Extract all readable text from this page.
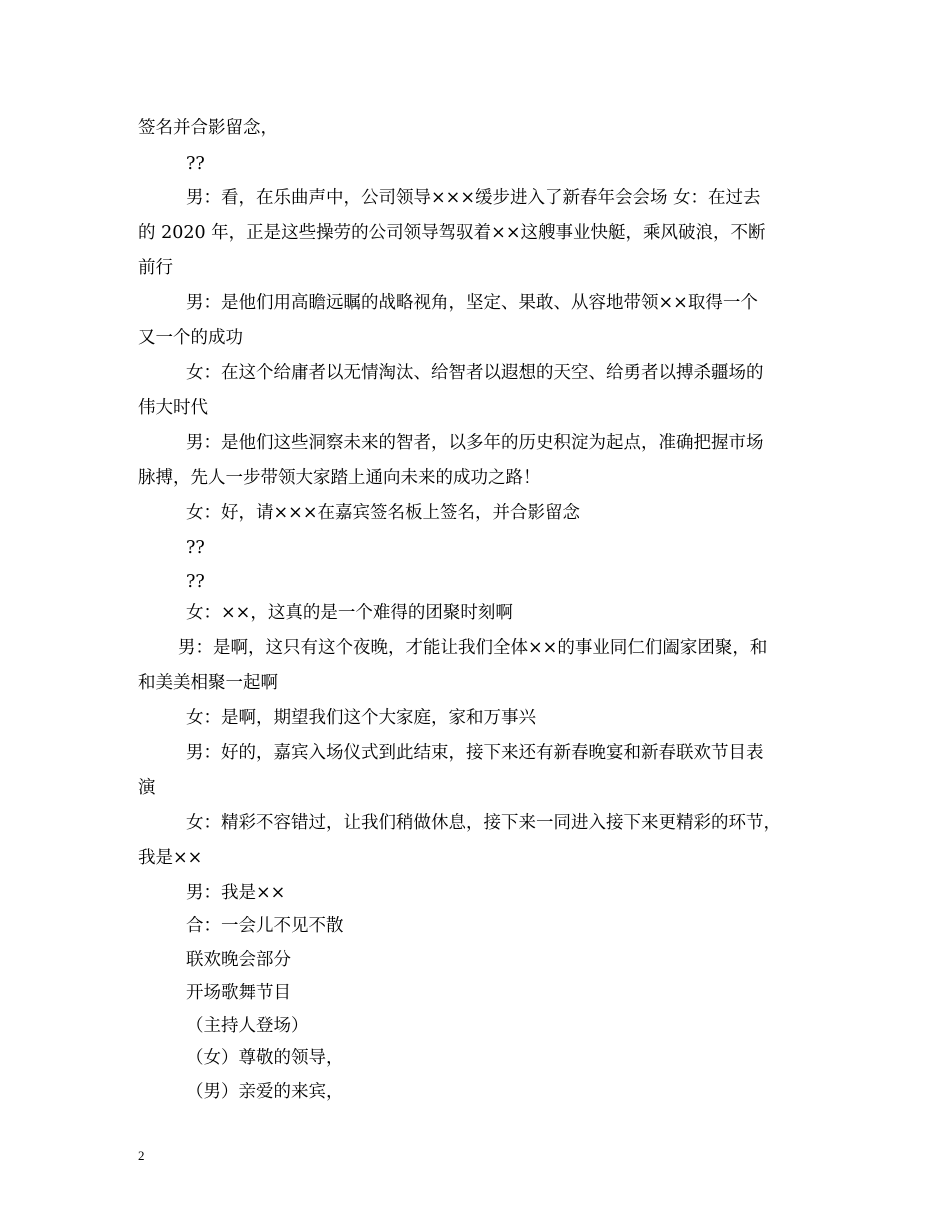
签名并合影留念，
??
男：看，在乐曲声中，公司领导×××缓步进入了新春年会会场 女：在过去
的 2020 年，正是这些操劳的公司领导驾驭着××这艘事业快艇，乘风破浪，不断
前行
男：是他们用高瞻远瞩的战略视角，坚定、果敢、从容地带领××取得一个
又一个的成功
女：在这个给庸者以无情淘汰、给智者以遐想的天空、给勇者以搏杀疆场的
伟大时代
男：是他们这些洞察未来的智者，以多年的历史积淀为起点，准确把握市场
脉搏，先人一步带领大家踏上通向未来的成功之路！
女：好，请×××在嘉宾签名板上签名，并合影留念
??
??
女：××，这真的是一个难得的团聚时刻啊
男：是啊，这只有这个夜晚，才能让我们全体××的事业同仁们阖家团聚，和
和美美相聚一起啊
女：是啊，期望我们这个大家庭，家和万事兴
男：好的，嘉宾入场仪式到此结束，接下来还有新春晚宴和新春联欢节目表
演
女：精彩不容错过，让我们稍做休息，接下来一同进入接下来更精彩的环节，
我是××
男：我是××
合：一会儿不见不散
联欢晚会部分
开场歌舞节目
（主持人登场）
（女）尊敬的领导，
（男）亲爱的来宾，
2
